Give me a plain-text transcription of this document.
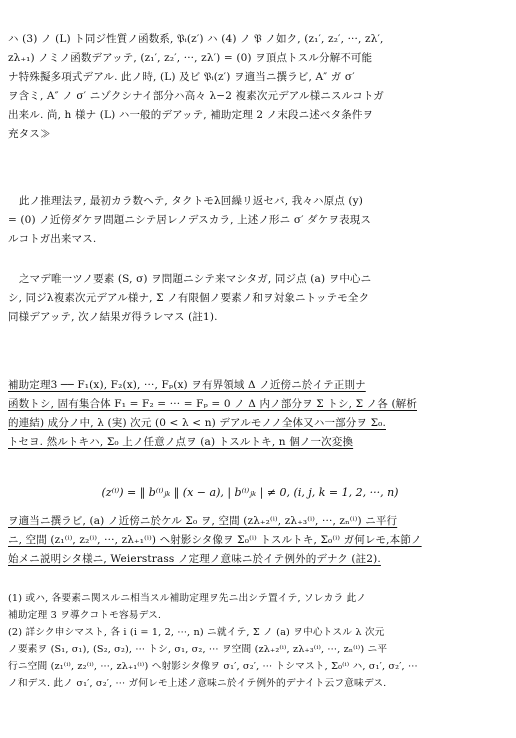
ハ (3) ノ (L) ト同ジ性質ノ函数系, 𝔓ᵢ(z′) ハ (4) ノ 𝔓 ノ如ク, (z₁′, z₂′, ···, zλ′,
zλ₊₁) ノミノ函数デアッテ, (z₁′, z₂′, ···, zλ′) = (0) ヲ頂点トスル分解不可能
ナ特殊擬多項式デアル. 此ノ時, (L) 及ビ 𝔓ᵢ(z′) ヲ適当ニ撰ラビ, A″ ガ σ′
ヲ含ミ, A″ ノ σ′ ニゾクシナイ部分ハ高々 λ−2 複素次元デアル様ニスルコトガ
出来ル. 尚, h 様ナ (L) ハ一般的デアッテ, 補助定理 2 ノ末段ニ述ベタ条件ヲ
充タス≫
此ノ推理法ヲ, 最初カラ数ヘテ, タクトモλ回繰リ返セバ, 我々ハ原点 (y)
= (0) ノ近傍ダケヲ問題ニシテ居レノデスカラ, 上述ノ形ニ σ′ ダケヲ表現ス
ルコトガ出来マス.
之マデ唯一ツノ要素 (S, σ) ヲ問題ニシテ来マシタガ, 同ジ点 (a) ヲ中心ニ
シ, 同ジλ複素次元デアル様ナ, Σ ノ有限個ノ要素ノ和ヲ対象ニトッテモ全ク
同様デアッテ, 次ノ結果ガ得ラレマス (註1).
補助定理3 ── F₁(x), F₂(x), ···, Fₚ(x) ヲ有界領域 Δ ノ近傍ニ於イテ正則ナ
函数トシ, 固有集合体 F₁ = F₂ = ··· = Fₚ = 0 ノ Δ 内ノ部分ヲ Σ トシ, Σ ノ各 (解析
的連結) 成分ノ中, λ (実) 次元 (0 < λ < n) デアルモノノ全体又ハ一部分ヲ Σ₀.
トセヨ. 然ルトキハ, Σ₀ 上ノ任意ノ点ヲ (a) トスルトキ, n 個ノ一次変換
(z⁽ⁱ⁾) = ‖ b⁽ⁱ⁾ⱼₖ ‖ (x − a), | b⁽ⁱ⁾ⱼₖ | ≠ 0, (i, j, k = 1, 2, ···, n)
ヲ適当ニ撰ラビ, (a) ノ近傍ニ於ケル Σ₀ ヲ, 空間 (zλ₊₂⁽ⁱ⁾, zλ₊₃⁽ⁱ⁾, ···, zₙ⁽ⁱ⁾) ニ平行
ニ, 空間 (z₁⁽ⁱ⁾, z₂⁽ⁱ⁾, ···, zλ₊₁⁽ⁱ⁾) ヘ射影シタ像ヲ Σ₀⁽ⁱ⁾ トスルトキ, Σ₀⁽ⁱ⁾ ガ何レモ,本節ノ
始メニ説明シタ様ニ, Weierstrass ノ定理ノ意味ニ於イテ例外的デナク (註2).
(1) 或ハ, 各要素ニ関スルニ相当スル補助定理ヲ先ニ出シテ置イテ, ソレカラ 此ノ
補助定理 3 ヲ導クコトモ容易デス.
(2) 詳シク申シマスト, 各 i (i = 1, 2, ···, n) ニ就イテ, Σ ノ (a) ヲ中心トスル λ 次元
ノ要素ヲ (S₁, σ₁), (S₂, σ₂), ··· トシ, σ₁, σ₂, ··· ヲ空間 (zλ₊₂⁽ⁱ⁾, zλ₊₃⁽ⁱ⁾, ···, zₙ⁽ⁱ⁾) ニ平
行ニ空間 (z₁⁽ⁱ⁾, z₂⁽ⁱ⁾, ···, zλ₊₁⁽ⁱ⁾) ヘ射影シタ像ヲ σ₁′, σ₂′, ··· トシマスト, Σ₀⁽ⁱ⁾ ハ, σ₁′, σ₂′, ···
ノ和デス. 此ノ σ₁′, σ₂′, ··· ガ何レモ上述ノ意味ニ於イテ例外的デナイト云フ意味デス.
